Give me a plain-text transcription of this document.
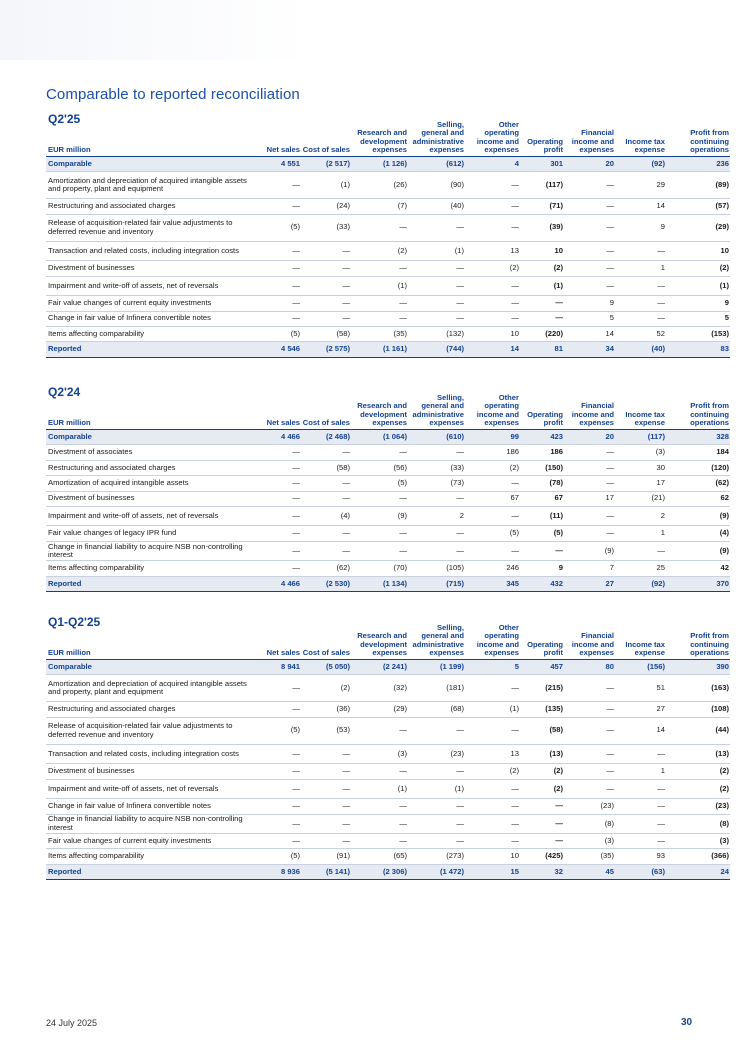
Comparable to reported reconciliation
Q2'25
EUR million	Net sales	Cost of sales	Research and development expenses	Selling, general and administrative expenses	Other operating income and expenses	Operating profit	Financial income and expenses	Income tax expense	Profit from continuing operations
Comparable	4 551	(2 517)	(1 126)	(612)	4	301	20	(92)	236
Amortization and depreciation of acquired intangible assets and property, plant and equipment	—	(1)	(26)	(90)	—	(117)	—	29	(89)
Restructuring and associated charges	—	(24)	(7)	(40)	—	(71)	—	14	(57)
Release of acquisition-related fair value adjustments to deferred revenue and inventory	(5)	(33)	—	—	—	(39)	—	9	(29)
Transaction and related costs, including integration costs	—	—	(2)	(1)	13	10	—	—	10
Divestment of businesses	—	—	—	—	(2)	(2)	—	1	(2)
Impairment and write-off of assets, net of reversals	—	—	(1)	—	—	(1)	—	—	(1)
Fair value changes of current equity investments	—	—	—	—	—	—	9	—	9
Change in fair value of Infinera convertible notes	—	—	—	—	—	—	5	—	5
Items affecting comparability	(5)	(58)	(35)	(132)	10	(220)	14	52	(153)
Reported	4 546	(2 575)	(1 161)	(744)	14	81	34	(40)	83
Q2'24
EUR million	Net sales	Cost of sales	Research and development expenses	Selling, general and administrative expenses	Other operating income and expenses	Operating profit	Financial income and expenses	Income tax expense	Profit from continuing operations
Comparable	4 466	(2 468)	(1 064)	(610)	99	423	20	(117)	328
Divestment of associates	—	—	—	—	186	186	—	(3)	184
Restructuring and associated charges	—	(58)	(56)	(33)	(2)	(150)	—	30	(120)
Amortization of acquired intangible assets	—	—	(5)	(73)	—	(78)	—	17	(62)
Divestment of businesses	—	—	—	—	67	67	17	(21)	62
Impairment and write-off of assets, net of reversals	—	(4)	(9)	2	—	(11)	—	2	(9)
Fair value changes of legacy IPR fund	—	—	—	—	(5)	(5)	—	1	(4)
Change in financial liability to acquire NSB non-controlling interest	—	—	—	—	—	—	(9)	—	(9)
Items affecting comparability	—	(62)	(70)	(105)	246	9	7	25	42
Reported	4 466	(2 530)	(1 134)	(715)	345	432	27	(92)	370
Q1-Q2'25
EUR million	Net sales	Cost of sales	Research and development expenses	Selling, general and administrative expenses	Other operating income and expenses	Operating profit	Financial income and expenses	Income tax expense	Profit from continuing operations
Comparable	8 941	(5 050)	(2 241)	(1 199)	5	457	80	(156)	390
Amortization and depreciation of acquired intangible assets and property, plant and equipment	—	(2)	(32)	(181)	—	(215)	—	51	(163)
Restructuring and associated charges	—	(36)	(29)	(68)	(1)	(135)	—	27	(108)
Release of acquisition-related fair value adjustments to deferred revenue and inventory	(5)	(53)	—	—	—	(58)	—	14	(44)
Transaction and related costs, including integration costs	—	—	(3)	(23)	13	(13)	—	—	(13)
Divestment of businesses	—	—	—	—	(2)	(2)	—	1	(2)
Impairment and write-off of assets, net of reversals	—	—	(1)	(1)	—	(2)	—	—	(2)
Change in fair value of Infinera convertible notes	—	—	—	—	—	—	(23)	—	(23)
Change in financial liability to acquire NSB non-controlling interest	—	—	—	—	—	—	(8)	—	(8)
Fair value changes of current equity investments	—	—	—	—	—	—	(3)	—	(3)
Items affecting comparability	(5)	(91)	(65)	(273)	10	(425)	(35)	93	(366)
Reported	8 936	(5 141)	(2 306)	(1 472)	15	32	45	(63)	24
24 July 2025	30
